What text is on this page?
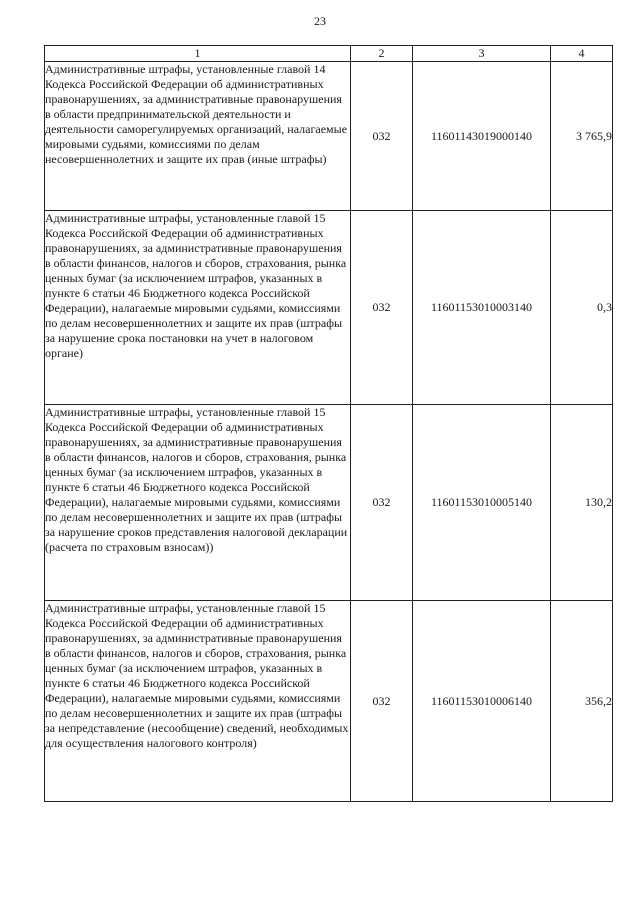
23
1	2	3	4
Административные штрафы, установленные главой 14 Кодекса Российской Федерации об административных правонарушениях, за административные правонарушения в области предпринимательской деятельности и деятельности саморегулируемых организаций, налагаемые мировыми судьями, комиссиями по делам несовершеннолетних и защите их прав (иные штрафы)	032	11601143019000140	3 765,9
Административные штрафы, установленные главой 15 Кодекса Российской Федерации об административных правонарушениях, за административные правонарушения в области финансов, налогов и сборов, страхования, рынка ценных бумаг (за исключением штрафов, указанных в пункте 6 статьи 46 Бюджетного кодекса Российской Федерации), налагаемые мировыми судьями, комиссиями по делам несовершеннолетних и защите их прав (штрафы за нарушение срока постановки на учет в налоговом органе)	032	11601153010003140	0,3
Административные штрафы, установленные главой 15 Кодекса Российской Федерации об административных правонарушениях, за административные правонарушения в области финансов, налогов и сборов, страхования, рынка ценных бумаг (за исключением штрафов, указанных в пункте 6 статьи 46 Бюджетного кодекса Российской Федерации), налагаемые мировыми судьями, комиссиями по делам несовершеннолетних и защите их прав (штрафы за нарушение сроков представления налоговой декларации (расчета по страховым взносам))	032	11601153010005140	130,2
Административные штрафы, установленные главой 15 Кодекса Российской Федерации об административных правонарушениях, за административные правонарушения в области финансов, налогов и сборов, страхования, рынка ценных бумаг (за исключением штрафов, указанных в пункте 6 статьи 46 Бюджетного кодекса Российской Федерации), налагаемые мировыми судьями, комиссиями по делам несовершеннолетних и защите их прав (штрафы за непредставление (несообщение) сведений, необходимых для осуществления налогового контроля)	032	11601153010006140	356,2
